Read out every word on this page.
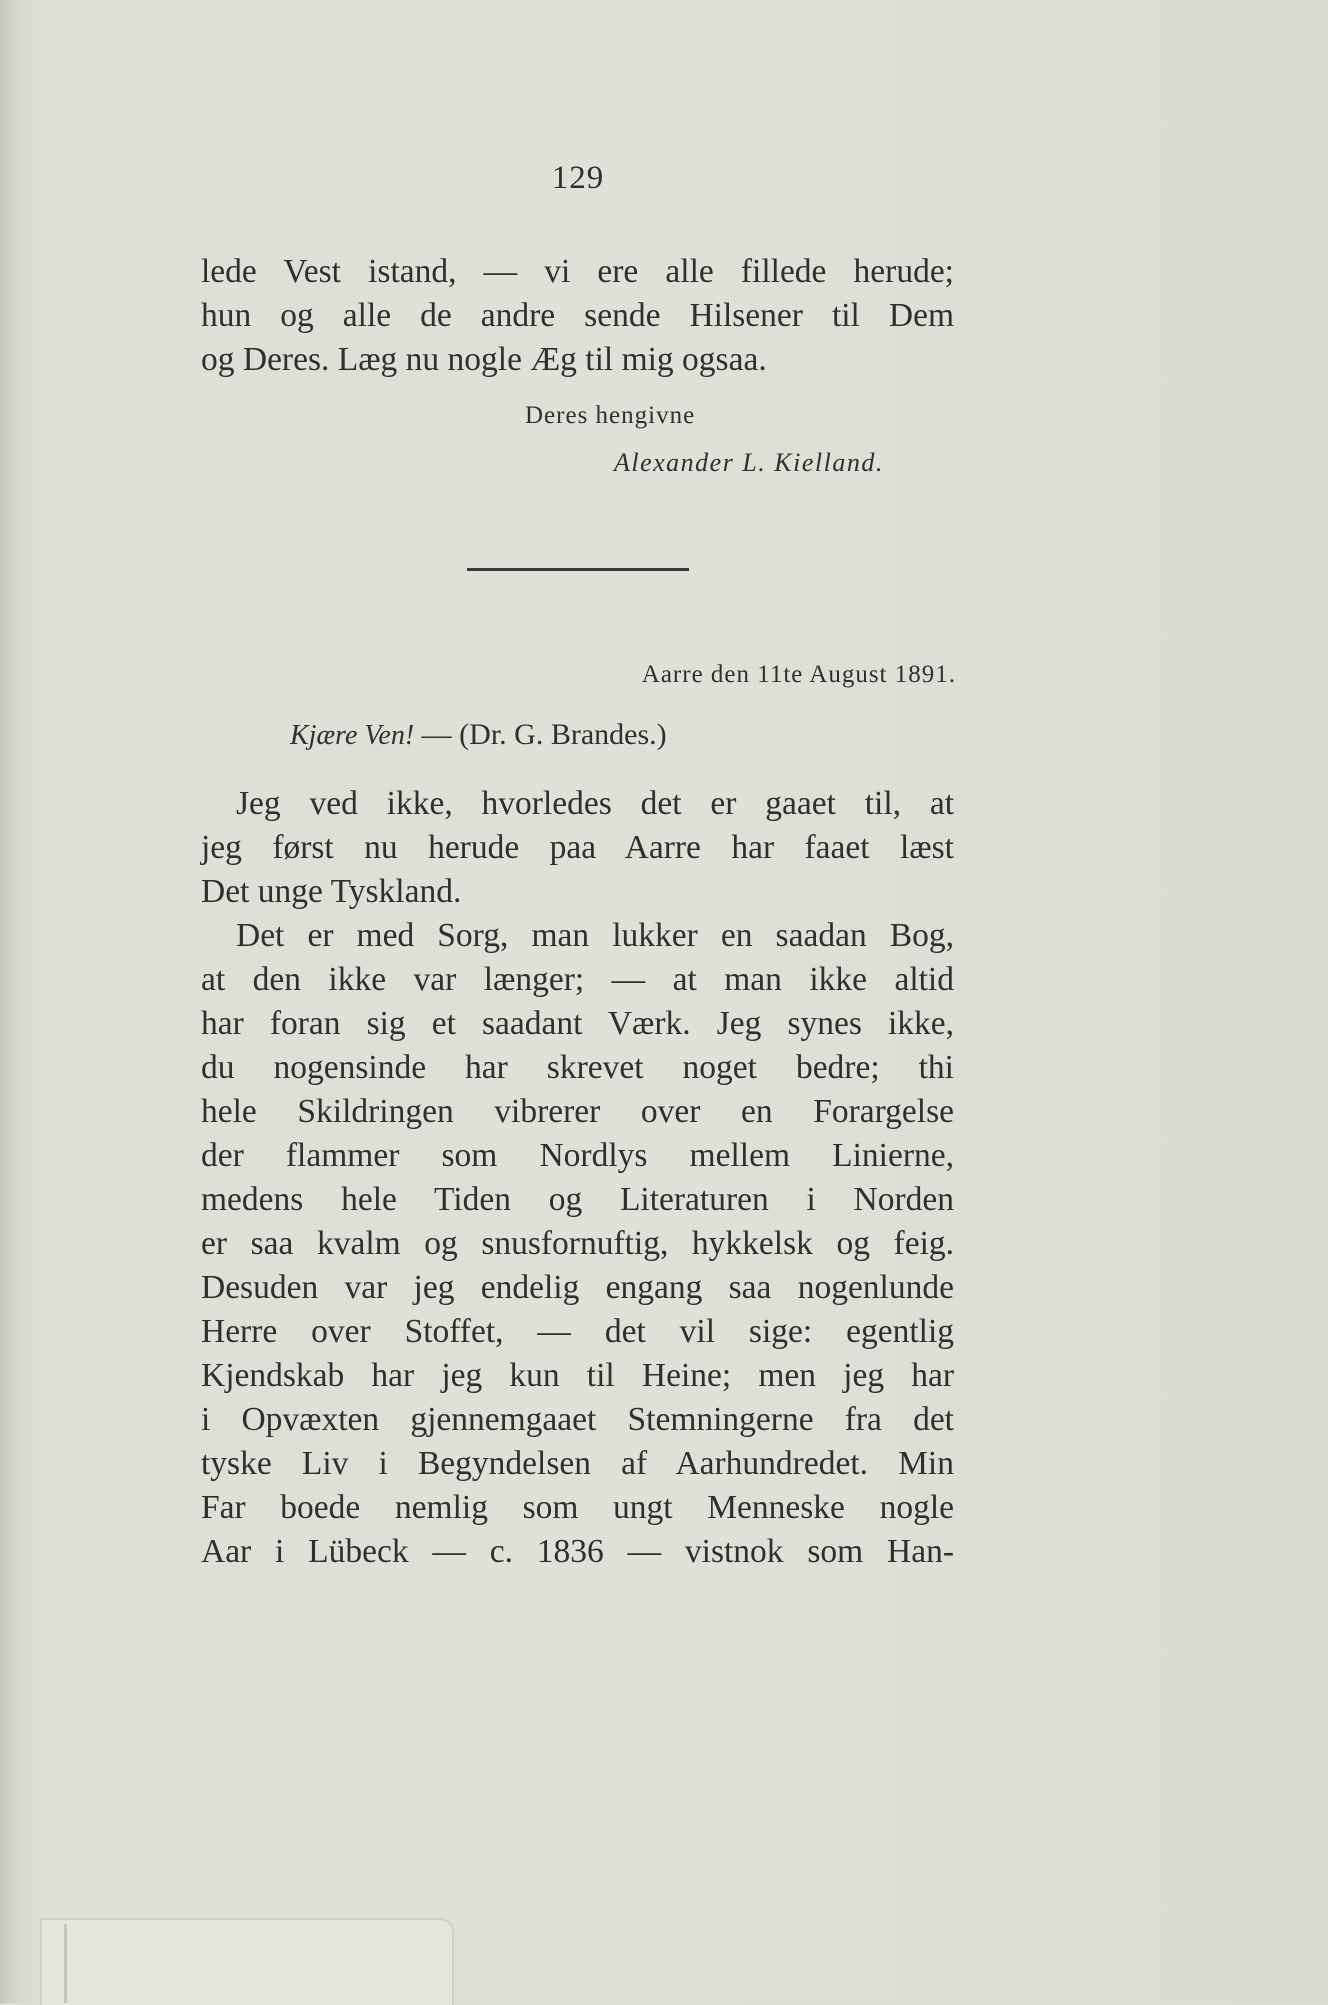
129
lede Vest istand, — vi ere alle fillede herude;
hun og alle de andre sende Hilsener til Dem
og Deres. Læg nu nogle Æg til mig ogsaa.
Deres hengivne
Alexander L. Kielland.
Aarre den 11te August 1891.
Kjære Ven! — (Dr. G. Brandes.)
Jeg ved ikke, hvorledes det er gaaet til, at
jeg først nu herude paa Aarre har faaet læst
Det unge Tyskland.
Det er med Sorg, man lukker en saadan Bog,
at den ikke var længer; — at man ikke altid
har foran sig et saadant Værk. Jeg synes ikke,
du nogensinde har skrevet noget bedre; thi
hele Skildringen vibrerer over en Forargelse
der flammer som Nordlys mellem Linierne,
medens hele Tiden og Literaturen i Norden
er saa kvalm og snusfornuftig, hykkelsk og feig.
Desuden var jeg endelig engang saa nogenlunde
Herre over Stoffet, — det vil sige: egentlig
Kjendskab har jeg kun til Heine; men jeg har
i Opvæxten gjennemgaaet Stemningerne fra det
tyske Liv i Begyndelsen af Aarhundredet. Min
Far boede nemlig som ungt Menneske nogle
Aar i Lübeck — c. 1836 — vistnok som Han-
